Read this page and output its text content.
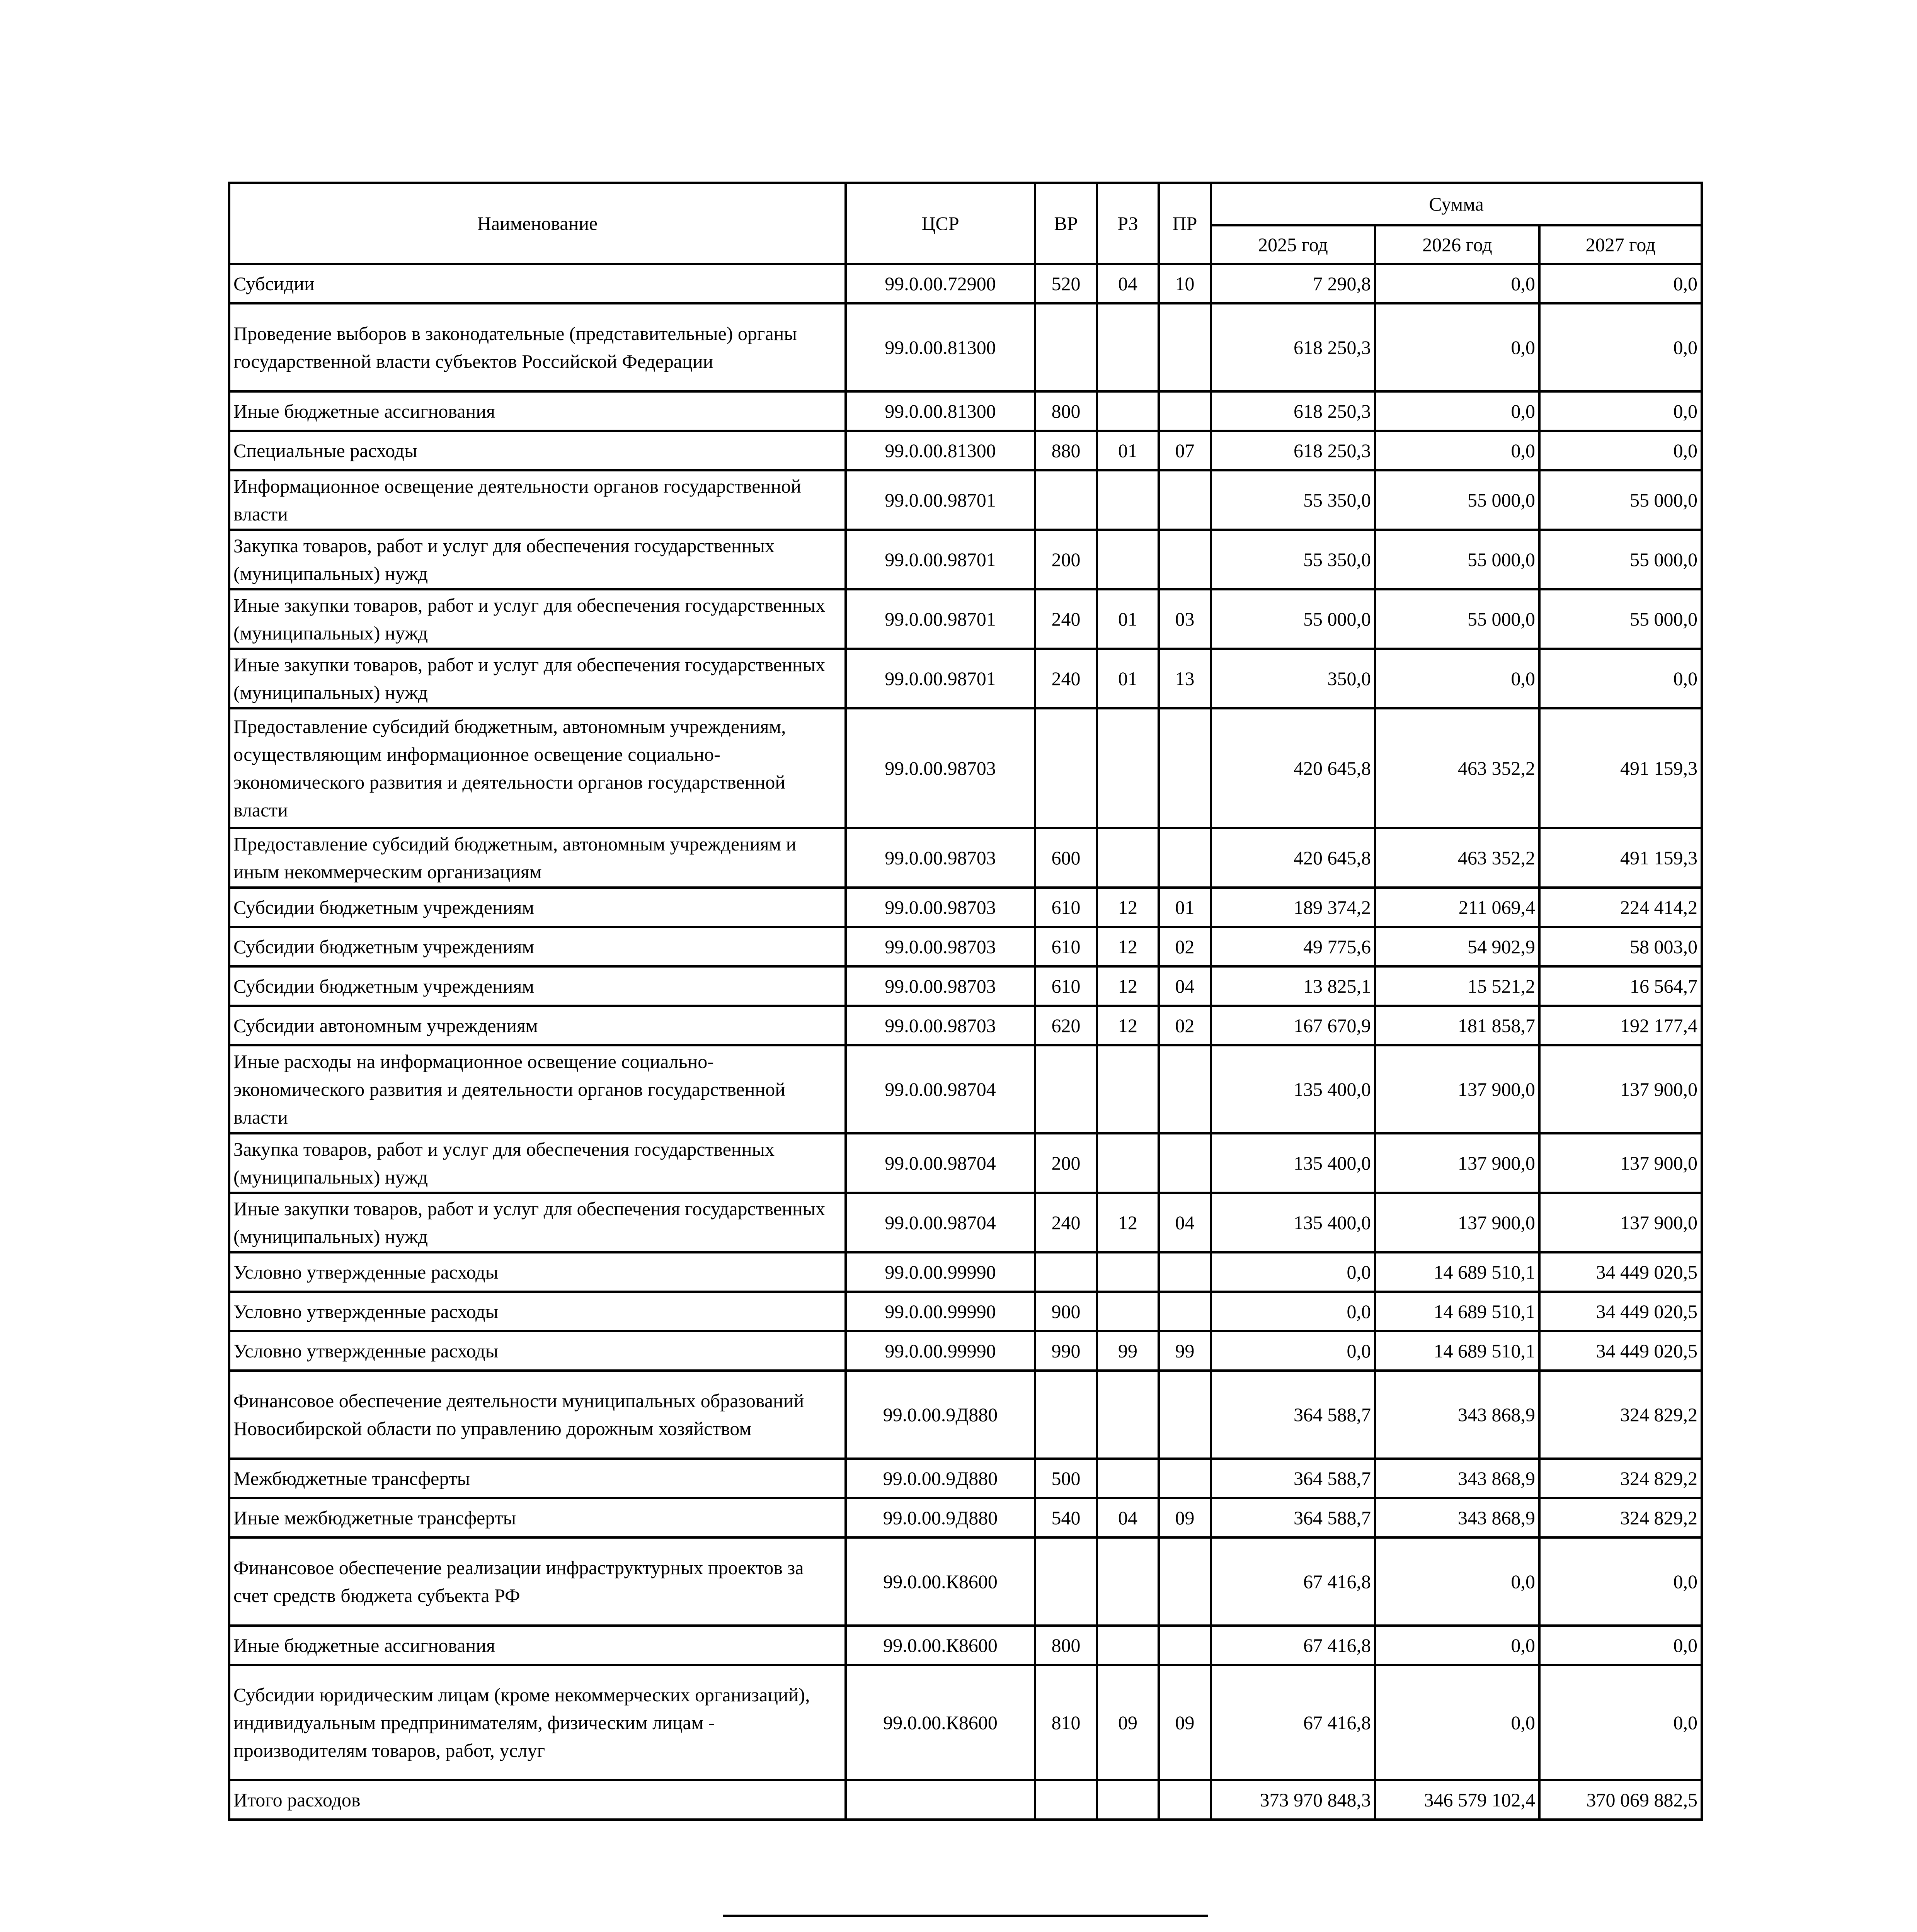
Наименование	ЦСР	ВР	РЗ	ПР	Сумма		
					2025 год	2026 год	2027 год
Субсидии	99.0.00.72900	520	04	10	7 290,8	0,0	0,0
Проведение выборов в законодательные (представительные) органы государственной власти субъектов Российской Федерации	99.0.00.81300				618 250,3	0,0	0,0
Иные бюджетные ассигнования	99.0.00.81300	800			618 250,3	0,0	0,0
Специальные расходы	99.0.00.81300	880	01	07	618 250,3	0,0	0,0
Информационное освещение деятельности органов государственной власти	99.0.00.98701				55 350,0	55 000,0	55 000,0
Закупка товаров, работ и услуг для обеспечения государственных (муниципальных) нужд	99.0.00.98701	200			55 350,0	55 000,0	55 000,0
Иные закупки товаров, работ и услуг для обеспечения государственных (муниципальных) нужд	99.0.00.98701	240	01	03	55 000,0	55 000,0	55 000,0
Иные закупки товаров, работ и услуг для обеспечения государственных (муниципальных) нужд	99.0.00.98701	240	01	13	350,0	0,0	0,0
Предоставление субсидий бюджетным, автономным учреждениям, осуществляющим информационное освещение социально-экономического развития и деятельности органов государственной власти	99.0.00.98703				420 645,8	463 352,2	491 159,3
Предоставление субсидий бюджетным, автономным учреждениям и иным некоммерческим организациям	99.0.00.98703	600			420 645,8	463 352,2	491 159,3
Субсидии бюджетным учреждениям	99.0.00.98703	610	12	01	189 374,2	211 069,4	224 414,2
Субсидии бюджетным учреждениям	99.0.00.98703	610	12	02	49 775,6	54 902,9	58 003,0
Субсидии бюджетным учреждениям	99.0.00.98703	610	12	04	13 825,1	15 521,2	16 564,7
Субсидии автономным учреждениям	99.0.00.98703	620	12	02	167 670,9	181 858,7	192 177,4
Иные расходы на информационное освещение социально-экономического развития и деятельности органов государственной власти	99.0.00.98704				135 400,0	137 900,0	137 900,0
Закупка товаров, работ и услуг для обеспечения государственных (муниципальных) нужд	99.0.00.98704	200			135 400,0	137 900,0	137 900,0
Иные закупки товаров, работ и услуг для обеспечения государственных (муниципальных) нужд	99.0.00.98704	240	12	04	135 400,0	137 900,0	137 900,0
Условно утвержденные расходы	99.0.00.99990				0,0	14 689 510,1	34 449 020,5
Условно утвержденные расходы	99.0.00.99990	900			0,0	14 689 510,1	34 449 020,5
Условно утвержденные расходы	99.0.00.99990	990	99	99	0,0	14 689 510,1	34 449 020,5
Финансовое обеспечение деятельности муниципальных образований Новосибирской области по управлению дорожным хозяйством	99.0.00.9Д880				364 588,7	343 868,9	324 829,2
Межбюджетные трансферты	99.0.00.9Д880	500			364 588,7	343 868,9	324 829,2
Иные межбюджетные трансферты	99.0.00.9Д880	540	04	09	364 588,7	343 868,9	324 829,2
Финансовое обеспечение реализации инфраструктурных проектов за счет средств бюджета субъекта РФ	99.0.00.К8600				67 416,8	0,0	0,0
Иные бюджетные ассигнования	99.0.00.К8600	800			67 416,8	0,0	0,0
Субсидии юридическим лицам (кроме некоммерческих организаций), индивидуальным предпринимателям, физическим лицам - производителям товаров, работ, услуг	99.0.00.К8600	810	09	09	67 416,8	0,0	0,0
Итого расходов					373 970 848,3	346 579 102,4	370 069 882,5
